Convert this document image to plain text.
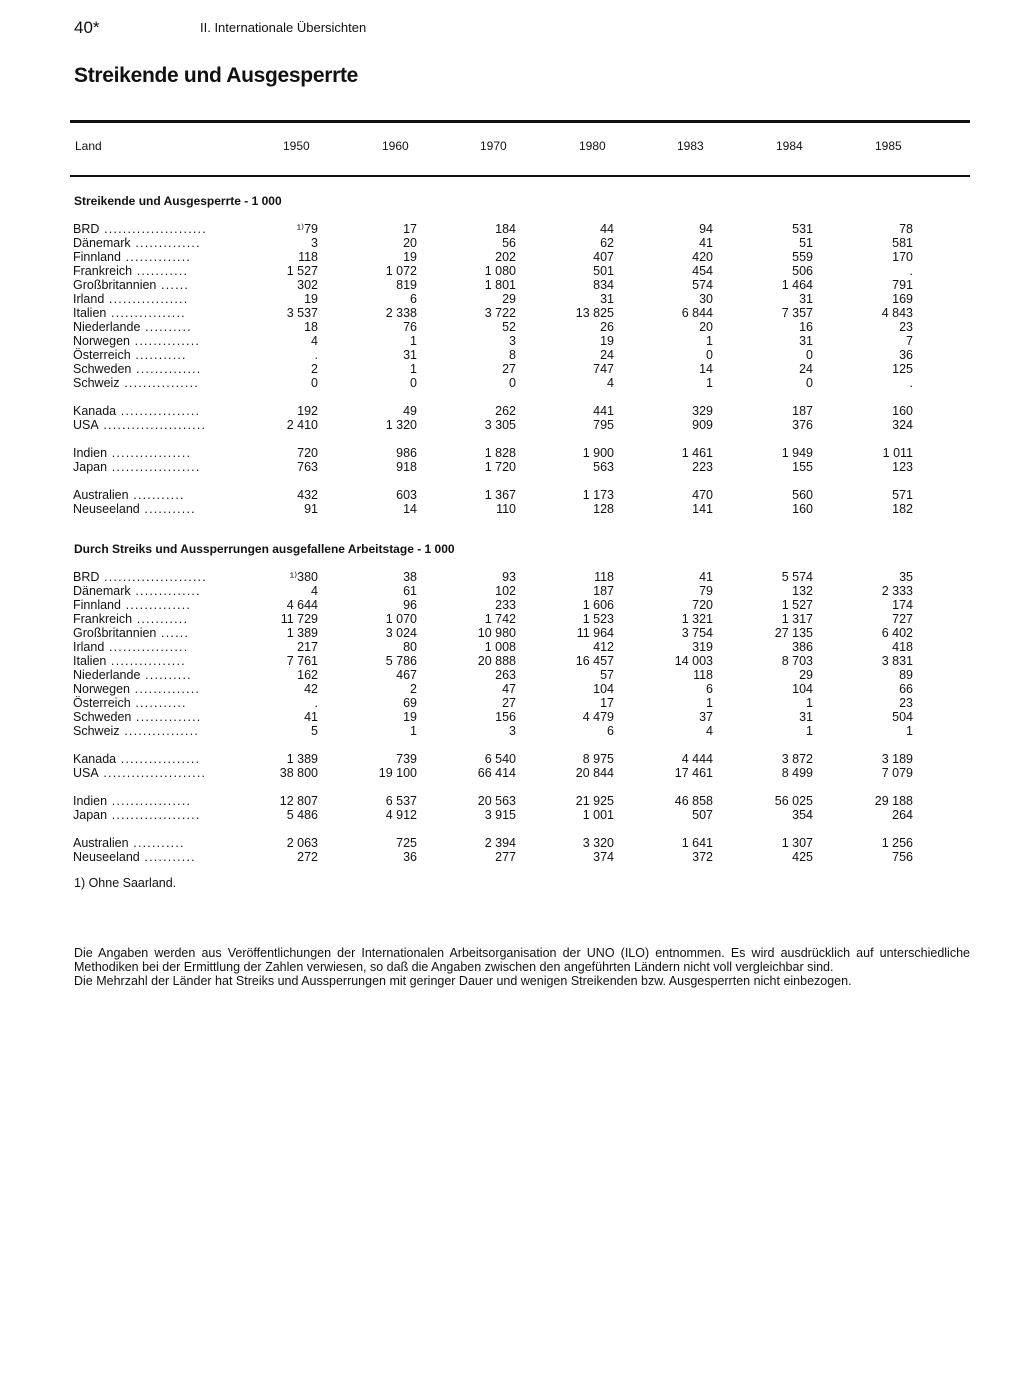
40*	II. Internationale Übersichten
Streikende und Ausgesperrte
Land	1950	1960	1970	1980	1983	1984	1985
Streikende und Ausgesperrte - 1 000
BRD ......................	¹⁾79	17	184	44	94	531	78
Dänemark ..............	3	20	56	62	41	51	581
Finnland ..............	118	19	202	407	420	559	170
Frankreich ...........	1 527	1 072	1 080	501	454	506	.
Großbritannien ......	302	819	1 801	834	574	1 464	791
Irland .................	19	6	29	31	30	31	169
Italien ................	3 537	2 338	3 722	13 825	6 844	7 357	4 843
Niederlande ..........	18	76	52	26	20	16	23
Norwegen ..............	4	1	3	19	1	31	7
Österreich ...........	.	31	8	24	0	0	36
Schweden ..............	2	1	27	747	14	24	125
Schweiz ................	0	0	0	4	1	0	.
Kanada .................	192	49	262	441	329	187	160
USA ......................	2 410	1 320	3 305	795	909	376	324
Indien .................	720	986	1 828	1 900	1 461	1 949	1 011
Japan ...................	763	918	1 720	563	223	155	123
Australien ...........	432	603	1 367	1 173	470	560	571
Neuseeland ...........	91	14	110	128	141	160	182
Durch Streiks und Aussperrungen ausgefallene Arbeitstage - 1 000
BRD ......................	¹⁾380	38	93	118	41	5 574	35
Dänemark ..............	4	61	102	187	79	132	2 333
Finnland ..............	4 644	96	233	1 606	720	1 527	174
Frankreich ...........	11 729	1 070	1 742	1 523	1 321	1 317	727
Großbritannien ......	1 389	3 024	10 980	11 964	3 754	27 135	6 402
Irland .................	217	80	1 008	412	319	386	418
Italien ................	7 761	5 786	20 888	16 457	14 003	8 703	3 831
Niederlande ..........	162	467	263	57	118	29	89
Norwegen ..............	42	2	47	104	6	104	66
Österreich ...........	.	69	27	17	1	1	23
Schweden ..............	41	19	156	4 479	37	31	504
Schweiz ................	5	1	3	6	4	1	1
Kanada .................	1 389	739	6 540	8 975	4 444	3 872	3 189
USA ......................	38 800	19 100	66 414	20 844	17 461	8 499	7 079
Indien .................	12 807	6 537	20 563	21 925	46 858	56 025	29 188
Japan ...................	5 486	4 912	3 915	1 001	507	354	264
Australien ...........	2 063	725	2 394	3 320	1 641	1 307	1 256
Neuseeland ...........	272	36	277	374	372	425	756
1) Ohne Saarland.

Die Angaben werden aus Veröffentlichungen der Internationalen Arbeitsorganisation der UNO (ILO) entnommen. Es wird ausdrücklich auf unterschiedliche Methodiken bei der Ermittlung der Zahlen verwiesen, so daß die Angaben zwischen den angeführten Ländern nicht voll vergleichbar sind.

Die Mehrzahl der Länder hat Streiks und Aussperrungen mit geringer Dauer und wenigen Streikenden bzw. Ausgesperrten nicht einbezogen.
